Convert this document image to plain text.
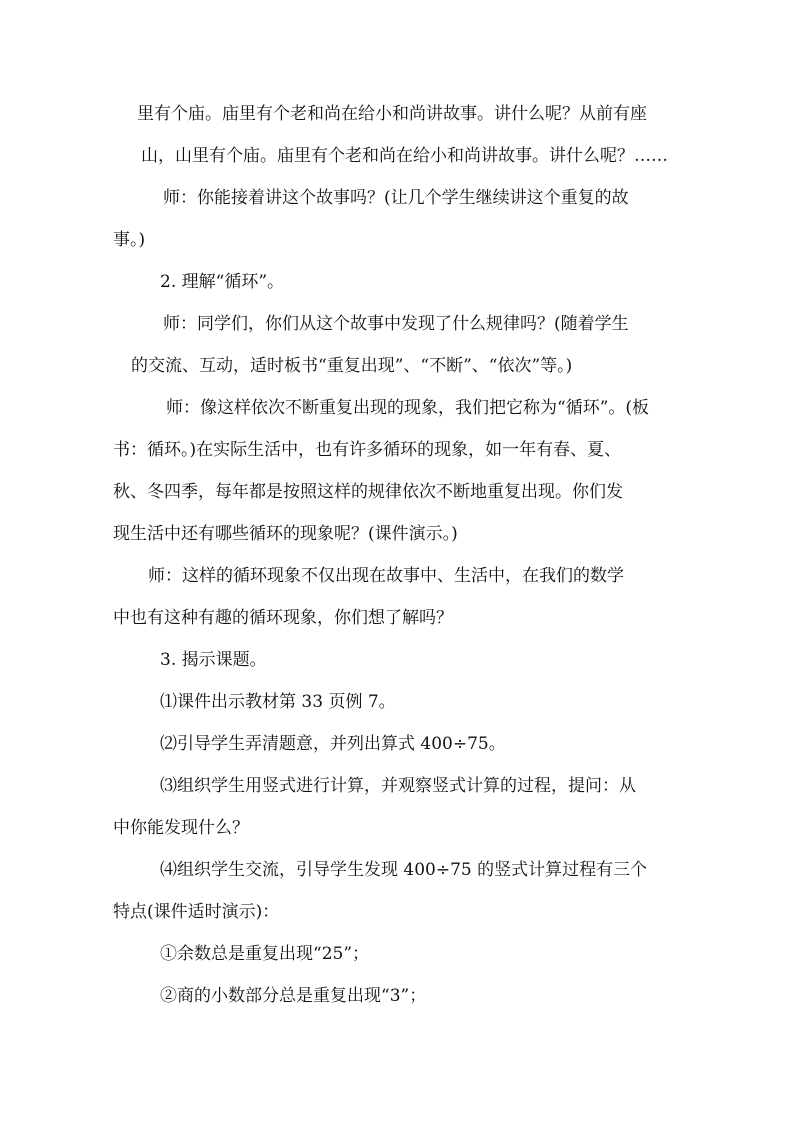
里有个庙。庙里有个老和尚在给小和尚讲故事。讲什么呢？从前有座
山，山里有个庙。庙里有个老和尚在给小和尚讲故事。讲什么呢？……
师：你能接着讲这个故事吗？(让几个学生继续讲这个重复的故
事。)
2. 理解“循环”。
师：同学们，你们从这个故事中发现了什么规律吗？(随着学生
的交流、互动，适时板书“重复出现”、“不断”、“依次”等。)
师：像这样依次不断重复出现的现象，我们把它称为“循环”。(板
书：循环。)在实际生活中，也有许多循环的现象，如一年有春、夏、
秋、冬四季，每年都是按照这样的规律依次不断地重复出现。你们发
现生活中还有哪些循环的现象呢？(课件演示。)
师：这样的循环现象不仅出现在故事中、生活中，在我们的数学
中也有这种有趣的循环现象，你们想了解吗？
3. 揭示课题。
⑴课件出示教材第 33 页例 7。
⑵引导学生弄清题意，并列出算式 400÷75。
⑶组织学生用竖式进行计算，并观察竖式计算的过程，提问：从
中你能发现什么？
⑷组织学生交流，引导学生发现 400÷75 的竖式计算过程有三个
特点(课件适时演示)：
①余数总是重复出现“25”；
②商的小数部分总是重复出现“3”；
